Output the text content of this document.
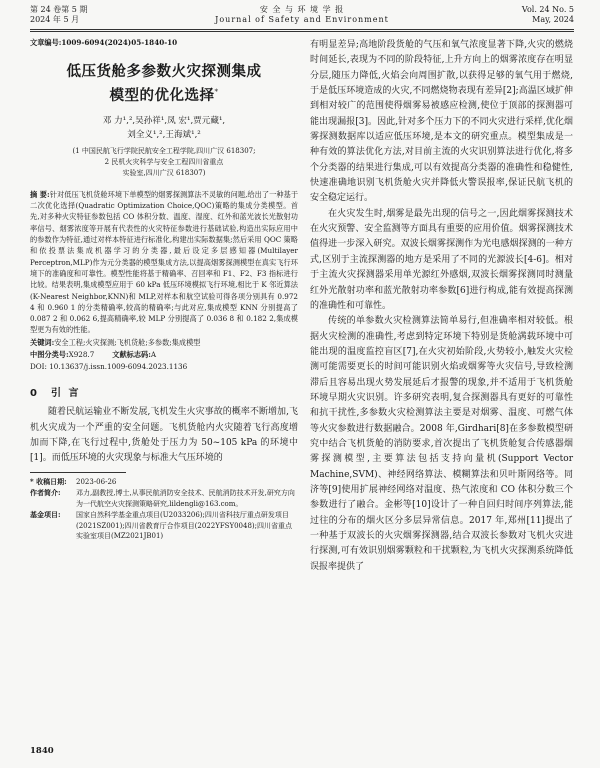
第 24 卷第 5 期
2024 年 5 月
安 全 与 环 境 学 报
Journal of Safety and Environment
Vol. 24 No. 5
May, 2024
文章编号:1009-6094(2024)05-1840-10
低压货舱多参数火灾探测集成
模型的优化选择*
邓 力¹,²,吴孙祥¹,凤 宏¹,贾元藏¹,
刘全义¹,²,王海斌¹,²
(1 中国民航飞行学院民航安全工程学院,四川广汉 618307;
2 民机火灾科学与安全工程四川省重点
实验室,四川广汉 618307)
摘 要:针对低压飞机货舱环境下单模型的烟雾探测算法不灵敏的问题,给出了一种基于二次优化选择(Quadratic Optimization Choice,QOC)策略的集成分类模型。首先,对多种火灾特征参数包括 CO 体积分数、温度、湿度、红外和蓝光波长光散射功率信号、烟雾浓度等开展有代表性的火灾特征参数进行基础试验,构造出实际应用中的参数作为特征,通过对样本特征进行标准化,构建出实际数据集;然后采用 QOC 策略和依投票法集成机器学习的分类器,最后设定多层感知器(Multilayer Perceptron,MLP)作为元分类器的模型集成方法,以提高烟雾探测模型在真实飞行环境下的准确度和可靠性。模型性能将基于精确率、召回率和 F1、F2、F3 指标进行比较。结果表明,集成模型应用于 60 kPa 低压环境模拟飞行环境,相比于 K 邻近算法(K-Nearest Neighbor,KNN)和 MLP,对样本和航空试验可得各项分别具有 0.972 4 和 0.960 1 的分类精确率,较高的精确率;与此对应,集成模型 KNN 分别提高了 0.087 2 和 0.062 6,提高精确率,较 MLP 分别提高了 0.036 8 和 0.182 2,集成模型更为有效的性能。
关键词:安全工程;火灾探测;飞机货舱;多参数;集成模型
中图分类号:X928.7	文献标志码:A
DOI: 10.13637/j.issn.1009-6094.2023.1136
0 引 言

随着民航运输业不断发展,飞机发生火灾事故的概率不断增加,飞机火灾成为一个严重的安全问题。飞机货舱内火灾随着飞行高度增加而下降,在飞行过程中,货舱处于压力为 50~105 kPa 的环境中[1]。而低压环境的火灾现象与标准大气压环境的

* 收稿日期:	2023-06-26
作者简介:	邓力,副教授,博士,从事民航消防安全技术、民航消防技术开发,研究方向为一代航空火灾探测策略研究,lildengli@163.com。
基金项目:	国家自然科学基金重点项目(U2033206);四川省科技厅重点研发项目(2021SZ001);四川省教育厅合作项目(2022YFSY0048);四川省重点实验室项目(MZ2021JB01)

有明显差异;高地阶段货舱的气压和氧气浓度显著下降,火灾的燃烧时间延长,表现为不同的阶段特征,上升方向上的烟雾浓度存在明显分层,随压力降低,火焰会向周围扩散,以获得足够的氧气用于燃烧,于是低压环境造成的火灾,不同燃烧物表现有差异[2];高温区域扩伸到相对较广的范围使得烟雾易被感应检测,使位于顶部的探测器可能出现漏报[3]。因此,针对多个压力下的不同火灾进行采样,优化烟雾探测数据库以适应低压环境,是本文的研究重点。模型集成是一种有效的算法优化方法,对目前主流的火灾识别算法进行优化,将多个分类器的结果进行集成,可以有效提高分类器的准确性和稳健性,快速准确地识别飞机货舱火灾并降低火警误报率,保证民航飞机的安全稳定运行。

在火灾发生时,烟雾是最先出现的信号之一,因此烟雾探测技术在火灾预警、安全监测等方面具有重要的应用价值。烟雾探测技术值得进一步深入研究。双波长烟雾探测作为光电感烟探测的一种方式,区别于主流探测器的地方是采用了不同的光源波长[4-6]。相对于主流火灾探测器采用单光源红外感烟,双波长烟雾探测同时测量红外光散射功率和蓝光散射功率参数[6]进行构成,能有效提高探测的准确性和可靠性。

传统的单参数火灾检测算法简单易行,但准确率相对较低。根据火灾检测的准确性,考虑到特定环境下特别是货舱满载环境中可能出现的温度监控盲区[7],在火灾初始阶段,火势较小,触发火灾检测可能需要更长的时间可能识别火焰或烟雾等火灾信号,导致检测滞后且容易出现火势发展延后才报警的现象,并不适用于飞机货舱环境早期火灾识别。许多研究表明,复合探测器具有更好的可靠性和抗干扰性,多参数火灾检测算法主要是对烟雾、温度、可燃气体等火灾参数进行数据融合。2008 年,Girdhari[8]在多参数模型研究中结合飞机货舱的消防要求,首次提出了飞机货舱复合传感器烟雾探测模型,主要算法包括支持向量机(Support Vector Machine,SVM)、神经网络算法、模糊算法和贝叶斯网络等。同济等[9]使用扩展神经网络对温度、热气浓度和 CO 体积分数三个参数进行了融合。金彬等[10]设计了一种自回归时间序列算法,能过往的分布的烟火区分多层异常信息。2017 年,郑州[11]提出了一种基于双波长的火灾烟雾探测器,结合双波长参数对飞机火灾进行探测,可有效识别烟雾颗粒和干扰颗粒,为飞机火灾探测系统降低误报率提供了

1840
